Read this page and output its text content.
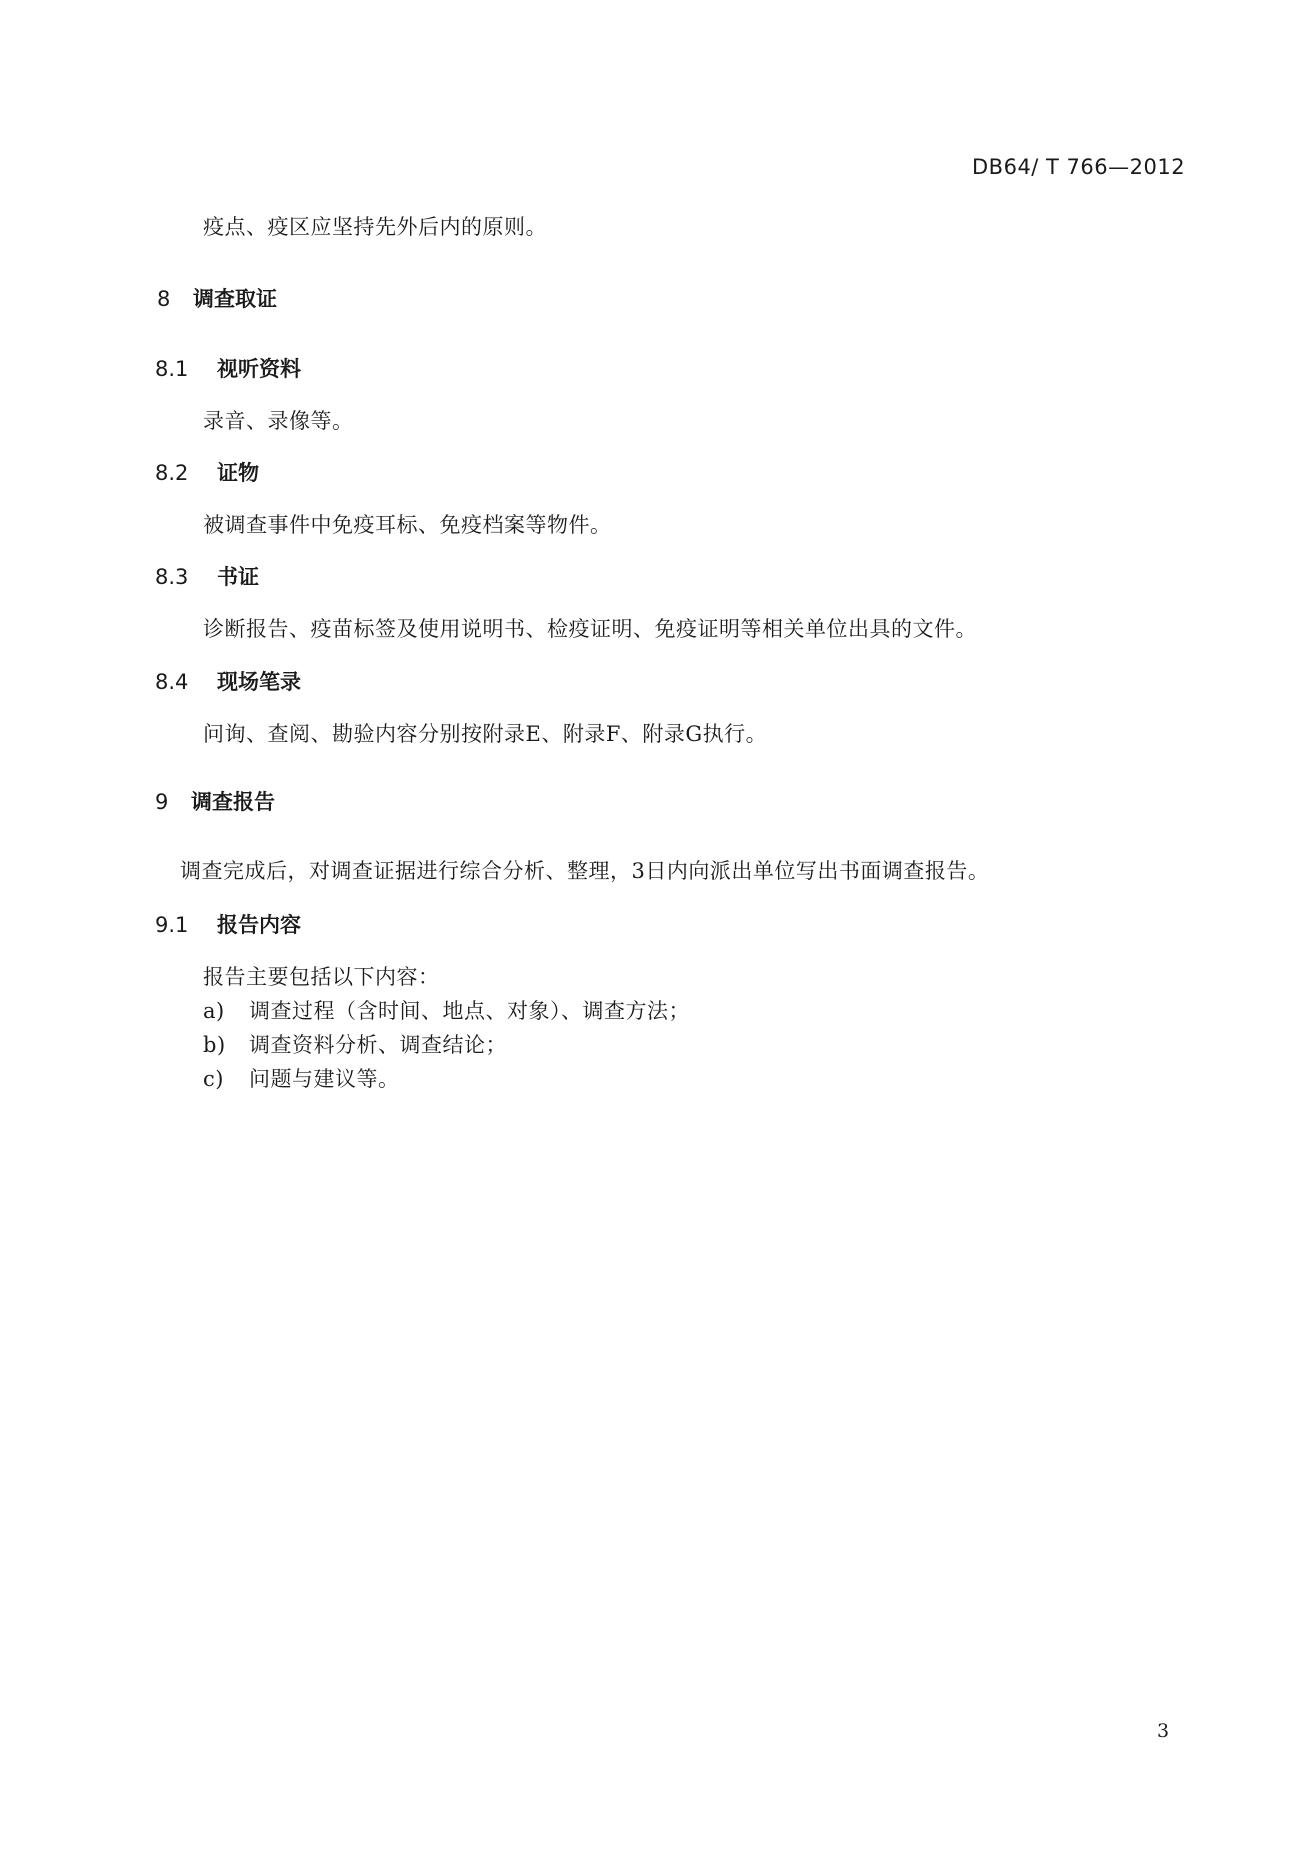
DB64/ T 766—2012
疫点、疫区应坚持先外后内的原则。
8 调查取证
8.1 视听资料
录音、录像等。
8.2 证物
被调查事件中免疫耳标、免疫档案等物件。
8.3 书证
诊断报告、疫苗标签及使用说明书、检疫证明、免疫证明等相关单位出具的文件。
8.4 现场笔录
问询、查阅、勘验内容分别按附录E、附录F、附录G执行。
9 调查报告
调查完成后，对调查证据进行综合分析、整理，3日内向派出单位写出书面调查报告。
9.1 报告内容
报告主要包括以下内容：
a) 调查过程（含时间、地点、对象）、调查方法；
b) 调查资料分析、调查结论；
c) 问题与建议等。
3
